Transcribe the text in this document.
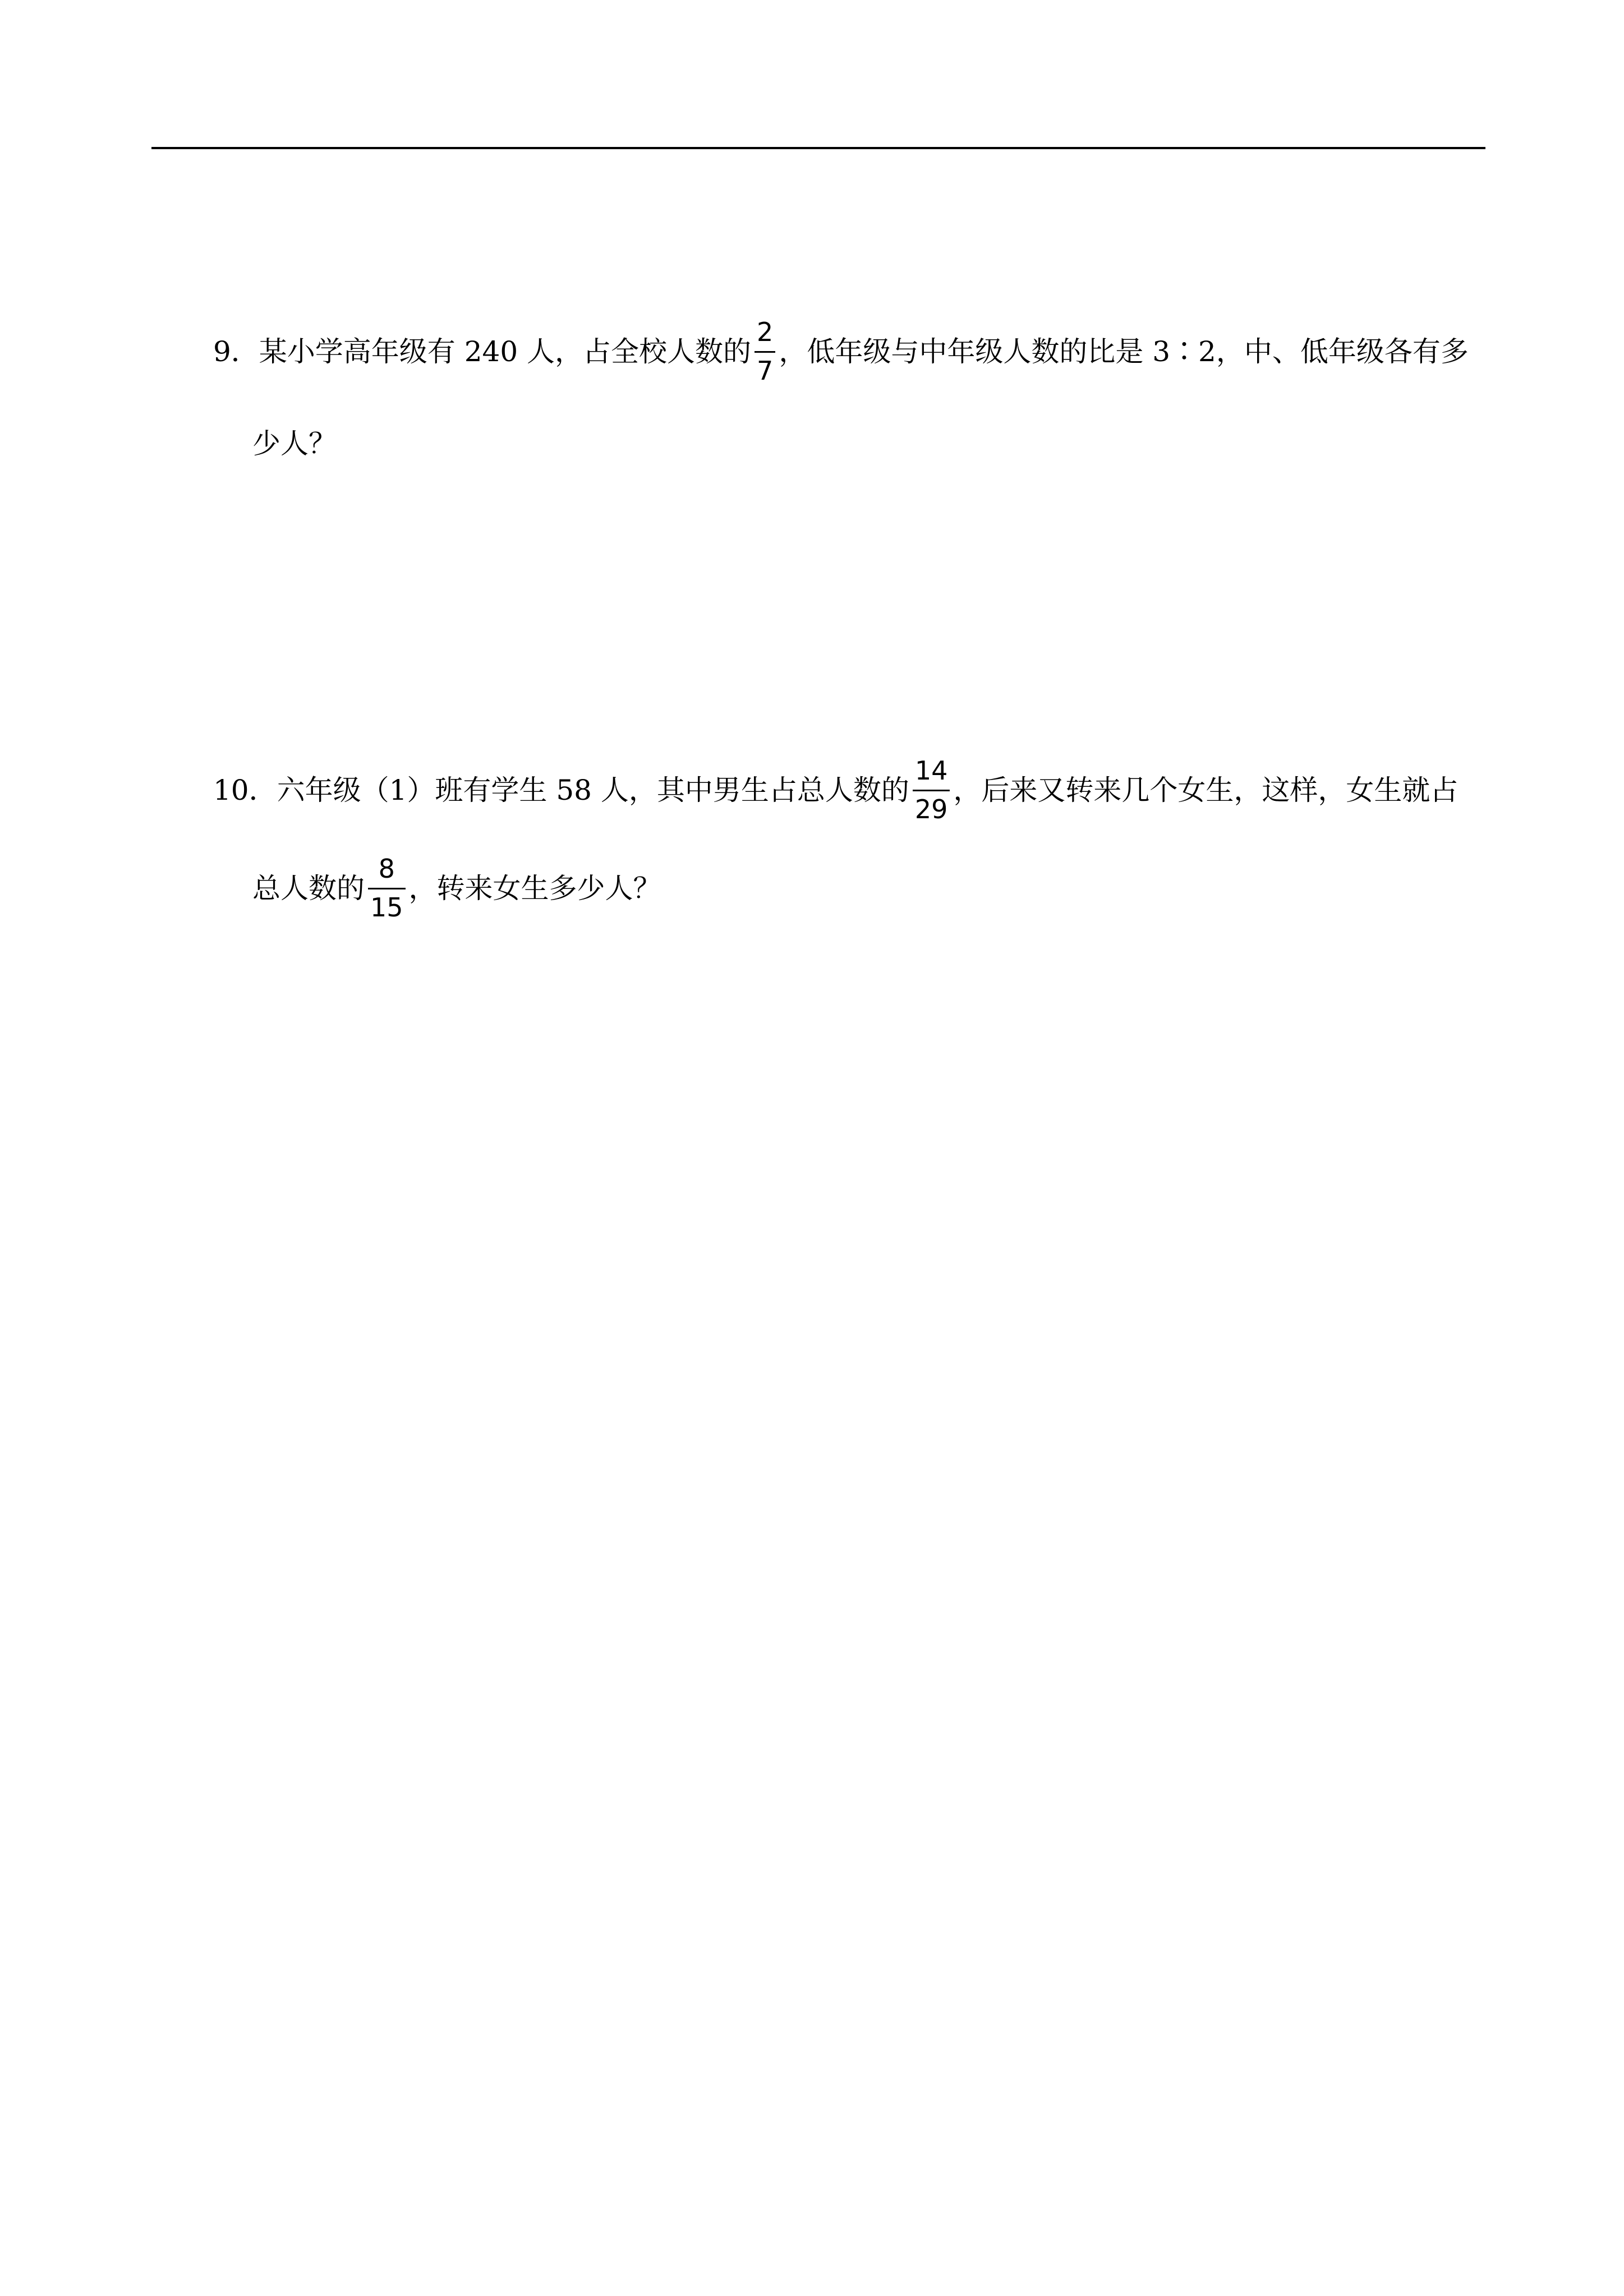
9．某小学高年级有 240 人，占全校人数的 $\frac{2}{7}$ ，低年级与中年级人数的比是 3∶2，中、低年级各有多
少人？
10．六年级（1）班有学生 58 人，其中男生占总人数的 $\frac{14}{29}$ ，后来又转来几个女生，这样，女生就占
总人数的 $\frac{8}{15}$ ，转来女生多少人？
